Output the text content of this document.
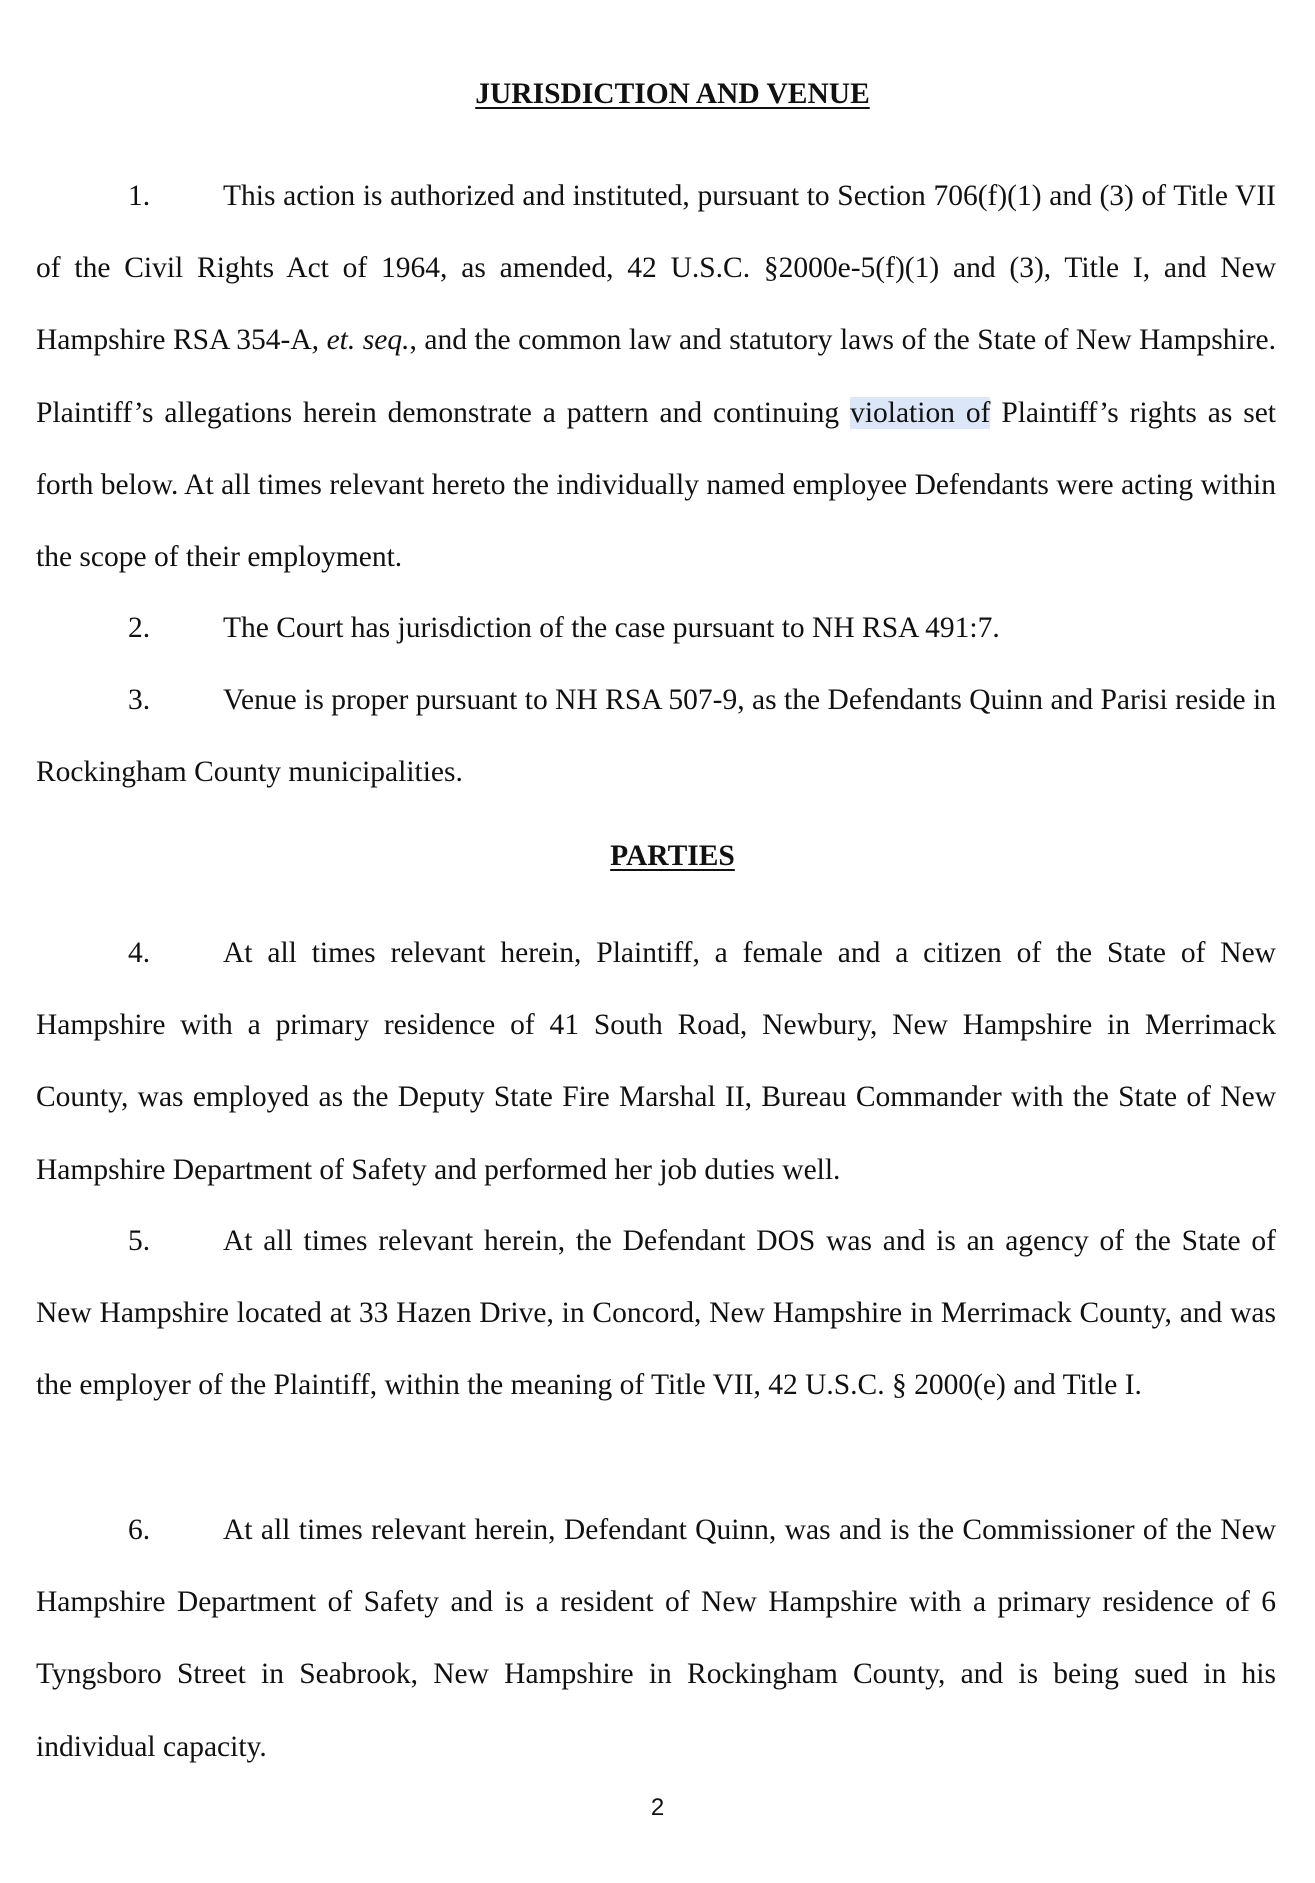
JURISDICTION AND VENUE

1. This action is authorized and instituted, pursuant to Section 706(f)(1) and (3) of Title VII of the Civil Rights Act of 1964, as amended, 42 U.S.C. §2000e-5(f)(1) and (3), Title I, and New Hampshire RSA 354-A, et. seq., and the common law and statutory laws of the State of New Hampshire. Plaintiff’s allegations herein demonstrate a pattern and continuing violation of Plaintiff’s rights as set forth below. At all times relevant hereto the individually named employee Defendants were acting within the scope of their employment.

2. The Court has jurisdiction of the case pursuant to NH RSA 491:7.

3. Venue is proper pursuant to NH RSA 507-9, as the Defendants Quinn and Parisi reside in Rockingham County municipalities.

PARTIES

4. At all times relevant herein, Plaintiff, a female and a citizen of the State of New Hampshire with a primary residence of 41 South Road, Newbury, New Hampshire in Merrimack County, was employed as the Deputy State Fire Marshal II, Bureau Commander with the State of New Hampshire Department of Safety and performed her job duties well.

5. At all times relevant herein, the Defendant DOS was and is an agency of the State of New Hampshire located at 33 Hazen Drive, in Concord, New Hampshire in Merrimack County, and was the employer of the Plaintiff, within the meaning of Title VII, 42 U.S.C. § 2000(e) and Title I.

6. At all times relevant herein, Defendant Quinn, was and is the Commissioner of the New Hampshire Department of Safety and is a resident of New Hampshire with a primary residence of 6 Tyngsboro Street in Seabrook, New Hampshire in Rockingham County, and is being sued in his individual capacity.

2
